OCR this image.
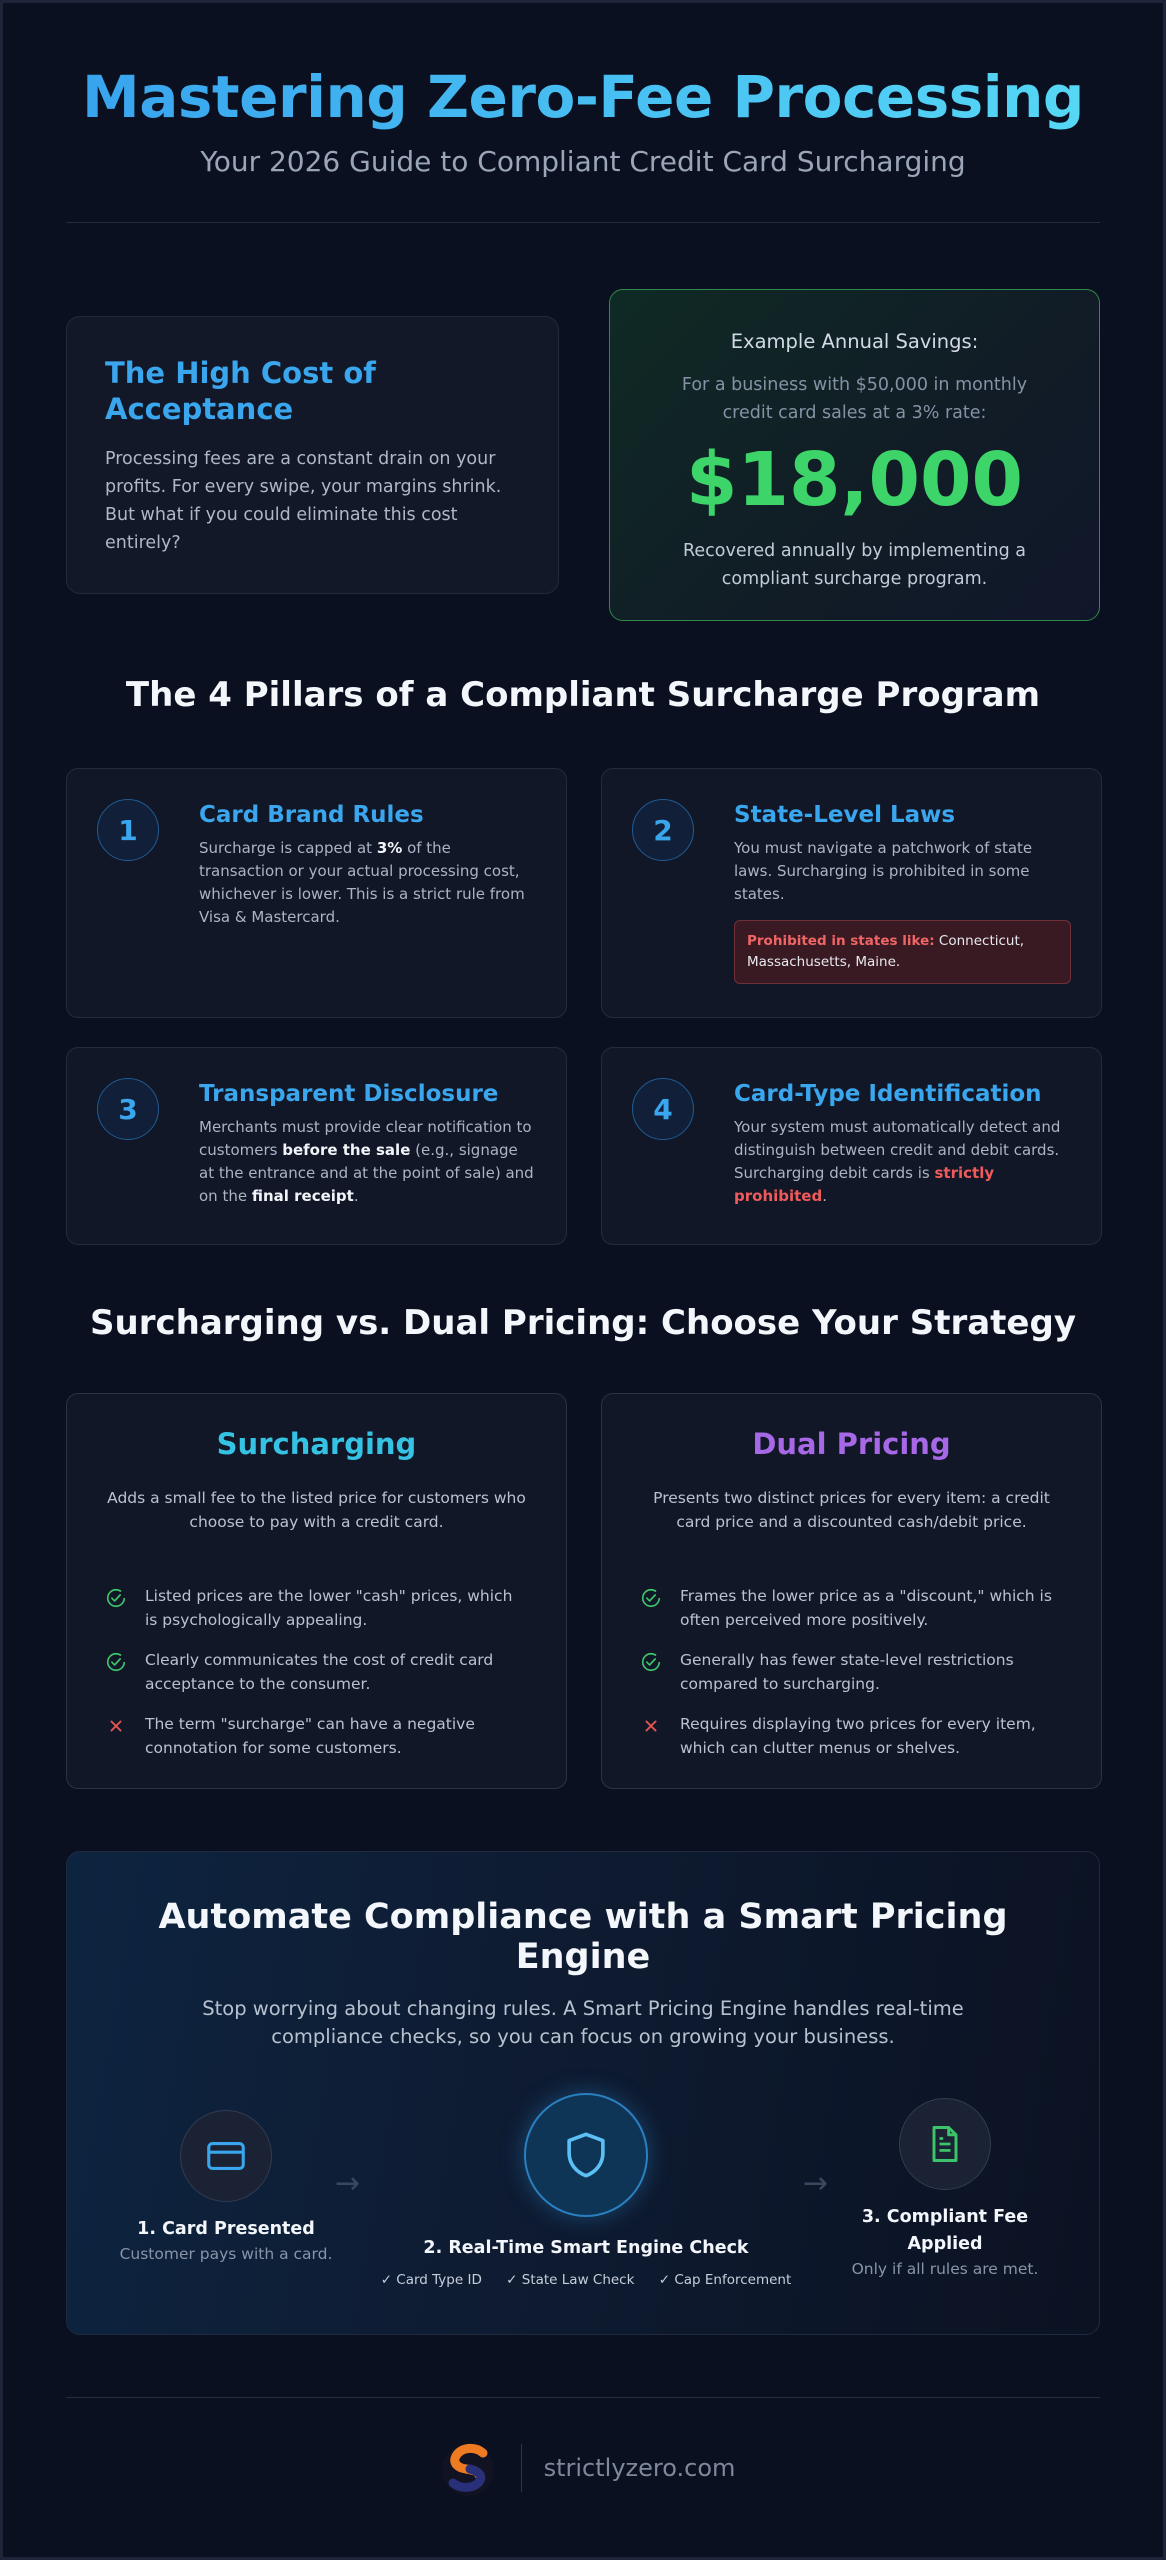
Mastering Zero-Fee Processing
Your 2026 Guide to Compliant Credit Card Surcharging
The High Cost of Acceptance

Processing fees are a constant drain on your profits. For every swipe, your margins shrink. But what if you could eliminate this cost entirely?

Example Annual Savings:
For a business with $50,000 in monthly credit card sales at a 3% rate:
$18,000
Recovered annually by implementing a compliant surcharge program.
The 4 Pillars of a Compliant Surcharge Program
1	Card Brand Rules

Surcharge is capped at 3% of the transaction or your actual processing cost, whichever is lower. This is a strict rule from Visa & Mastercard.

2	State-Level Laws

You must navigate a patchwork of state laws. Surcharging is prohibited in some states.

Prohibited in states like: Connecticut, Massachusetts, Maine.
3	Transparent Disclosure

Merchants must provide clear notification to customers before the sale (e.g., signage at the entrance and at the point of sale) and on the final receipt.

4	Card-Type Identification

Your system must automatically detect and distinguish between credit and debit cards. Surcharging debit cards is strictly prohibited.

Surcharging vs. Dual Pricing: Choose Your Strategy
Surcharging
Adds a small fee to the listed price for customers who choose to pay with a credit card.
Listed prices are the lower "cash" prices, which is psychologically appealing.
Clearly communicates the cost of credit card acceptance to the consumer.
The term "surcharge" can have a negative connotation for some customers.
Dual Pricing
Presents two distinct prices for every item: a credit card price and a discounted cash/debit price.
Frames the lower price as a "discount," which is often perceived more positively.
Generally has fewer state-level restrictions compared to surcharging.
Requires displaying two prices for every item, which can clutter menus or shelves.
Automate Compliance with a Smart Pricing Engine
Stop worrying about changing rules. A Smart Pricing Engine handles real-time compliance checks, so you can focus on growing your business.
1. Card Presented
Customer pays with a card.
→
2. Real-Time Smart Engine Check
✓ Card Type ID ✓ State Law Check ✓ Cap Enforcement
→
3. Compliant Fee Applied
Only if all rules are met.
strictlyzero.com
